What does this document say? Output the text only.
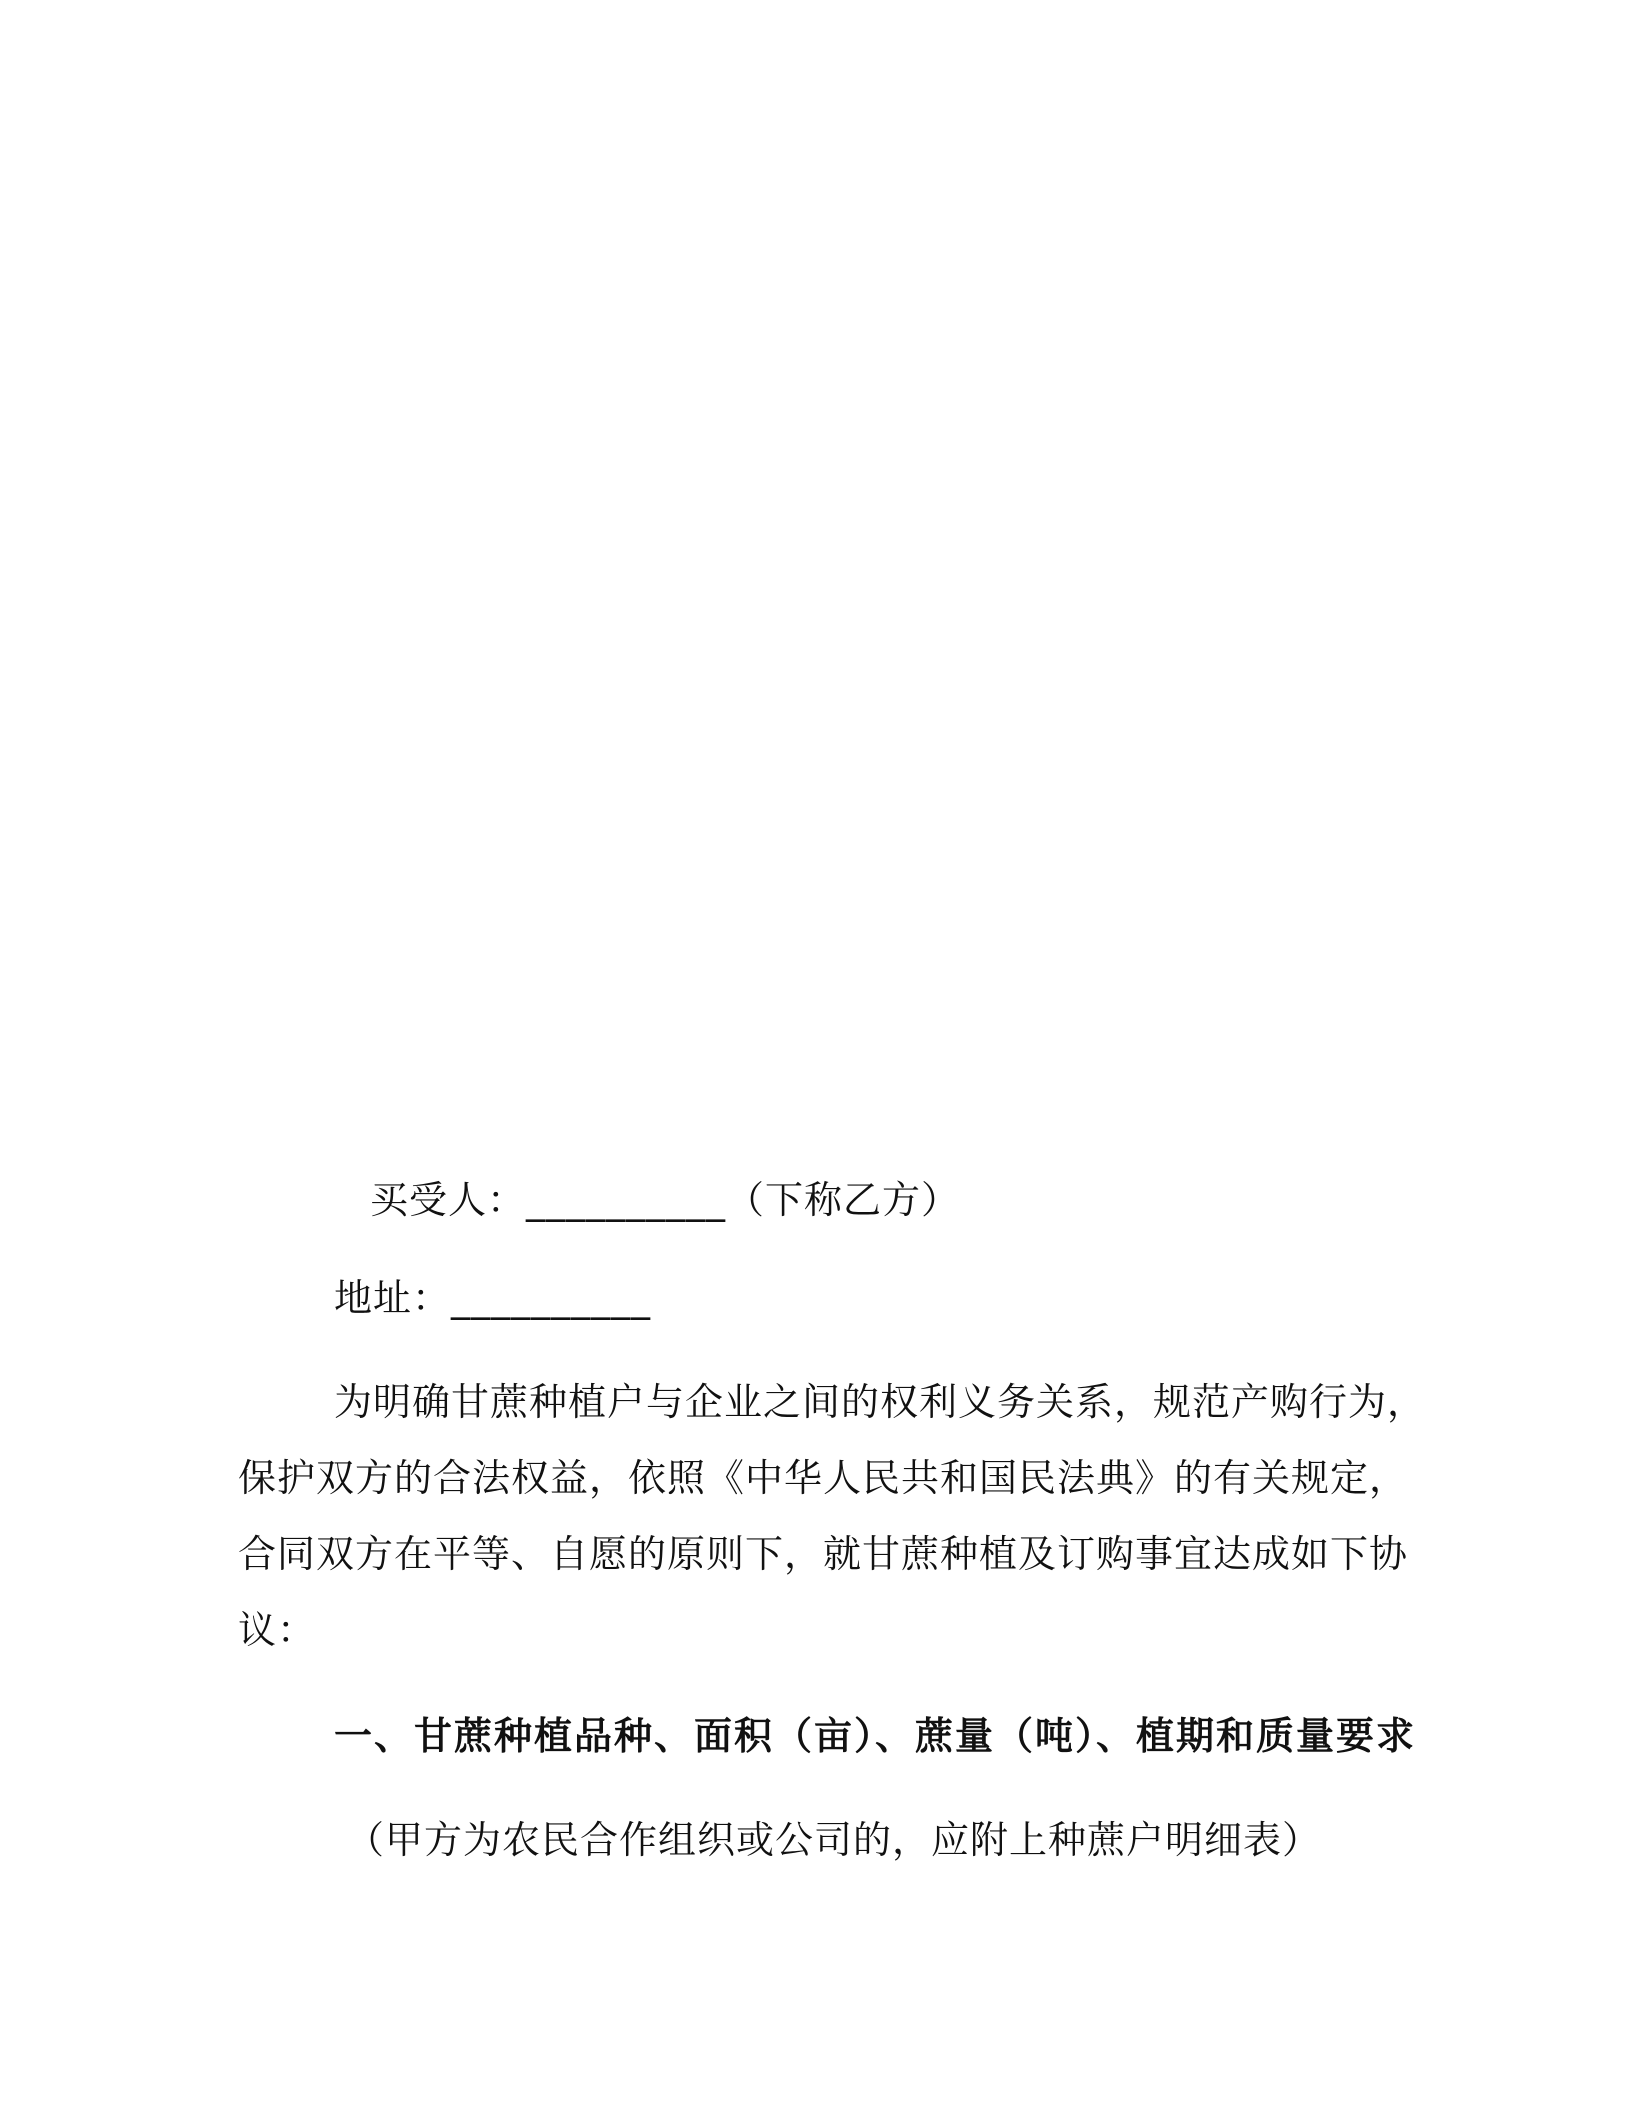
买受人：__________（下称乙方）
地址：__________
为明确甘蔗种植户与企业之间的权利义务关系，规范产购行为，
保护双方的合法权益，依照《中华人民共和国民法典》的有关规定，
合同双方在平等、自愿的原则下，就甘蔗种植及订购事宜达成如下协
议：
一、甘蔗种植品种、面积（亩）、蔗量（吨）、植期和质量要求
（甲方为农民合作组织或公司的，应附上种蔗户明细表）
